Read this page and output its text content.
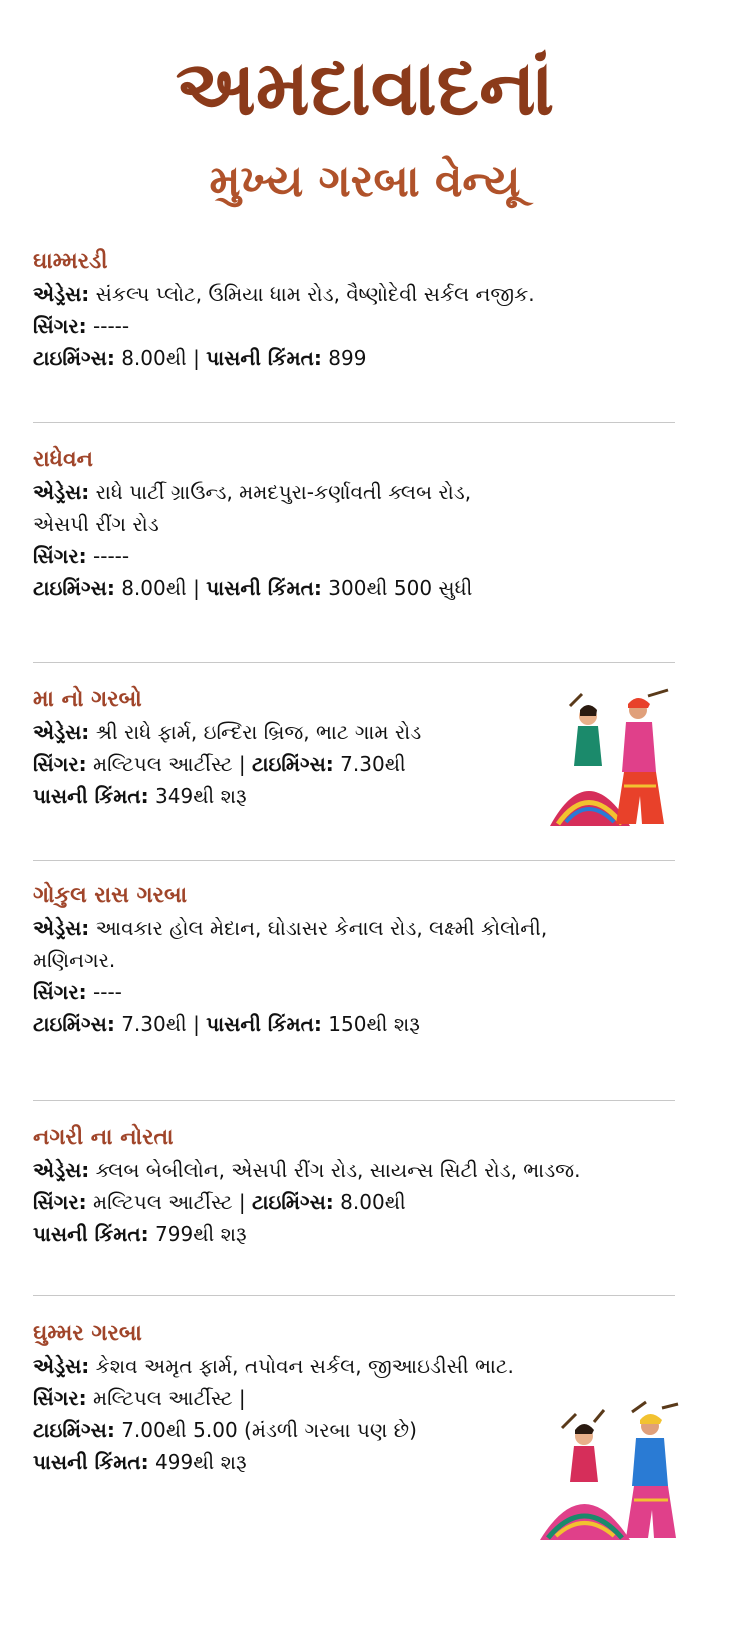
અમદાવાદનાં
મુખ્ય ગરબા વેન્યૂ
ઘામ્મરડી
એડ્રેસ: સંકલ્પ પ્લોટ, ઉમિયા ધામ રોડ, વૈષ્ણોદેવી સર્કલ નજીક.
સિંગર: -----
ટાઇમિંગ્સ: 8.00થી | પાસની કિંમત: 899
રાધેવન
એડ્રેસ: રાધે પાર્ટી ગ્રાઉન્ડ, મમદપુરા-કર્ણાવતી ક્લબ રોડ,
એસપી રીંગ રોડ
સિંગર: -----
ટાઇમિંગ્સ: 8.00થી | પાસની કિંમત: 300થી 500 સુધી
મા નો ગરબો
એડ્રેસ: શ્રી રાધે ફાર્મ, ઇન્દિરા બ્રિજ, ભાટ ગામ રોડ
સિંગર: મલ્ટિપલ આર્ટીસ્ટ | ટાઇમિંગ્સ: 7.30થી
પાસની કિંમત: 349થી શરૂ
ગોકુલ રાસ ગરબા
એડ્રેસ: આવકાર હોલ મેદાન, ઘોડાસર કેનાલ રોડ, લક્ષ્મી કોલોની,
મણિનગર.
સિંગર: ----
ટાઇમિંગ્સ: 7.30થી | પાસની કિંમત: 150થી શરૂ
નગરી ના નોરતા
એડ્રેસ: ક્લબ બેબીલોન, એસપી રીંગ રોડ, સાયન્સ સિટી રોડ, ભાડજ.
સિંગર: મલ્ટિપલ આર્ટીસ્ટ | ટાઇમિંગ્સ: 8.00થી
પાસની કિંમત: 799થી શરૂ
ઘુમ્મર ગરબા
એડ્રેસ: કેશવ અમૃત ફાર્મ, તપોવન સર્કલ, જીઆઇડીસી ભાટ.
સિંગર: મલ્ટિપલ આર્ટીસ્ટ |
ટાઇમિંગ્સ: 7.00થી 5.00 (મંડળી ગરબા પણ છે)
પાસની કિંમત: 499થી શરૂ
